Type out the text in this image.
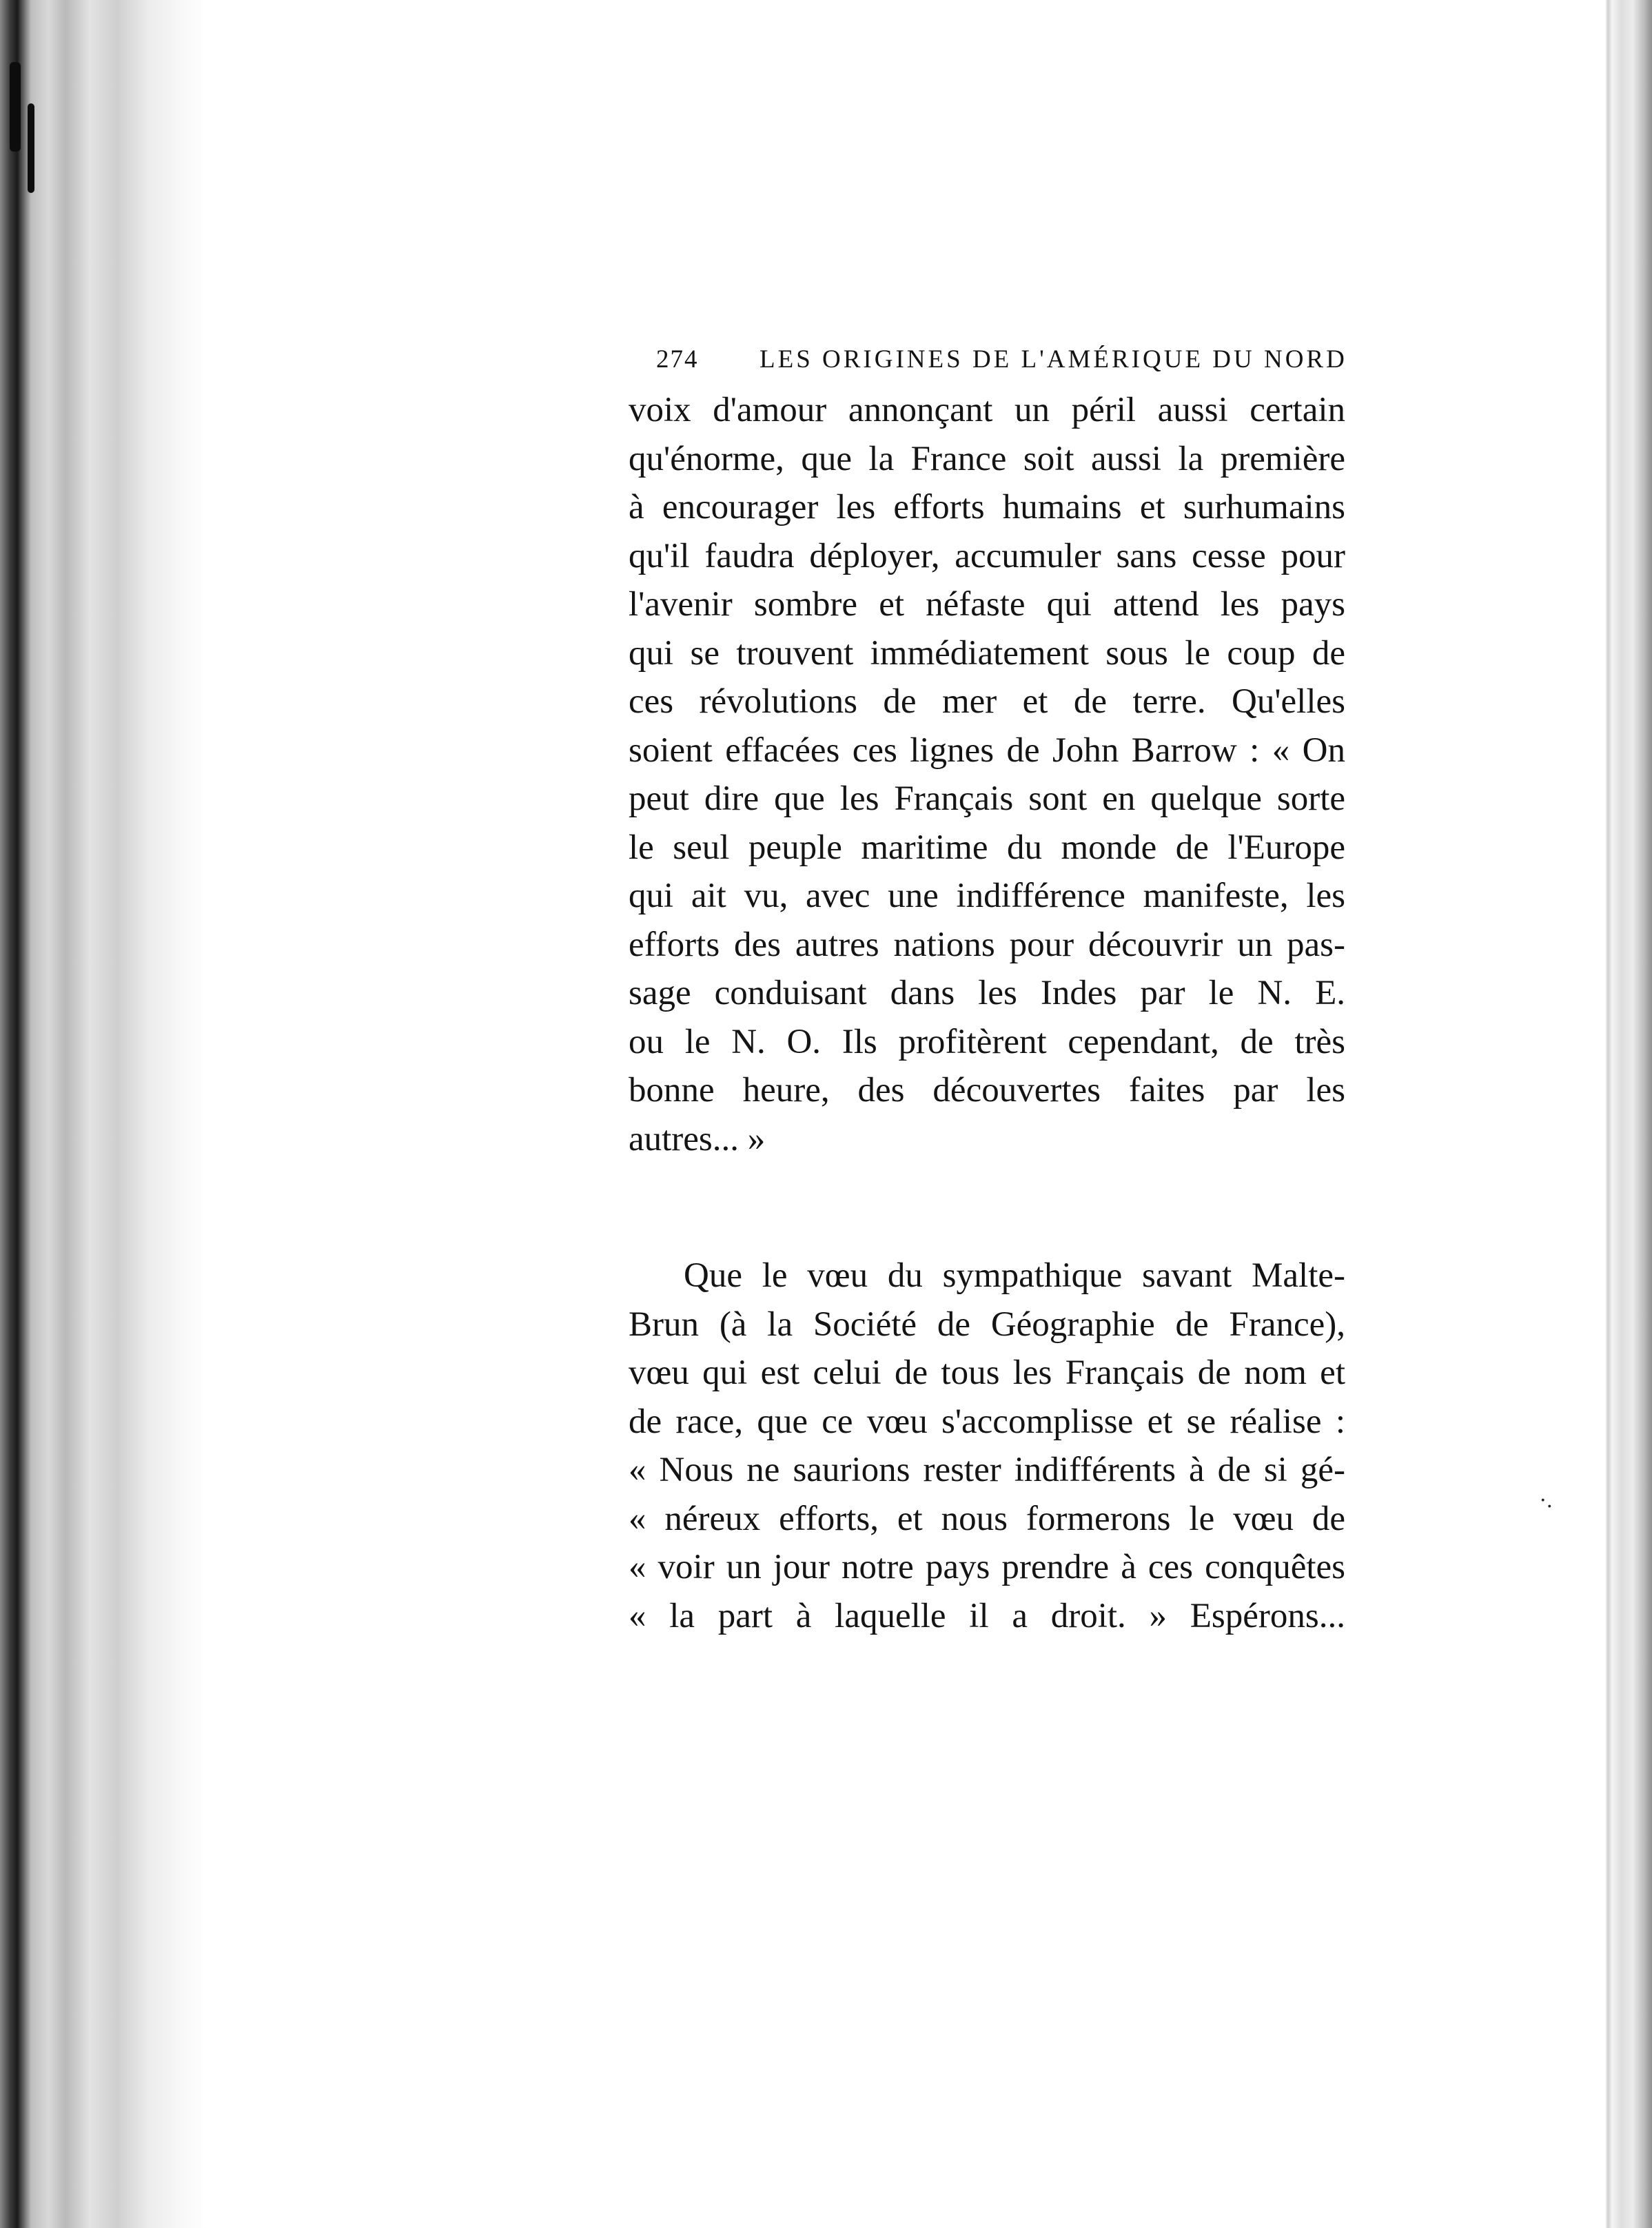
·.
274 LES ORIGINES DE L'AMÉRIQUE DU NORD
voix d'amour annonçant un péril aussi certain
qu'énorme, que la France soit aussi la première
à encourager les efforts humains et surhumains
qu'il faudra déployer, accumuler sans cesse pour
l'avenir sombre et néfaste qui attend les pays
qui se trouvent immédiatement sous le coup de
ces révolutions de mer et de terre. Qu'elles
soient effacées ces lignes de John Barrow : « On
peut dire que les Français sont en quelque sorte
le seul peuple maritime du monde de l'Europe
qui ait vu, avec une indifférence manifeste, les
efforts des autres nations pour découvrir un pas-
sage conduisant dans les Indes par le N. E.
ou le N. O. Ils profitèrent cependant, de très
bonne heure, des découvertes faites par les
autres... »
Que le vœu du sympathique savant Malte-
Brun (à la Société de Géographie de France),
vœu qui est celui de tous les Français de nom et
de race, que ce vœu s'accomplisse et se réalise :
« Nous ne saurions rester indifférents à de si gé-
« néreux efforts, et nous formerons le vœu de
« voir un jour notre pays prendre à ces conquêtes
« la part à laquelle il a droit. » Espérons...
